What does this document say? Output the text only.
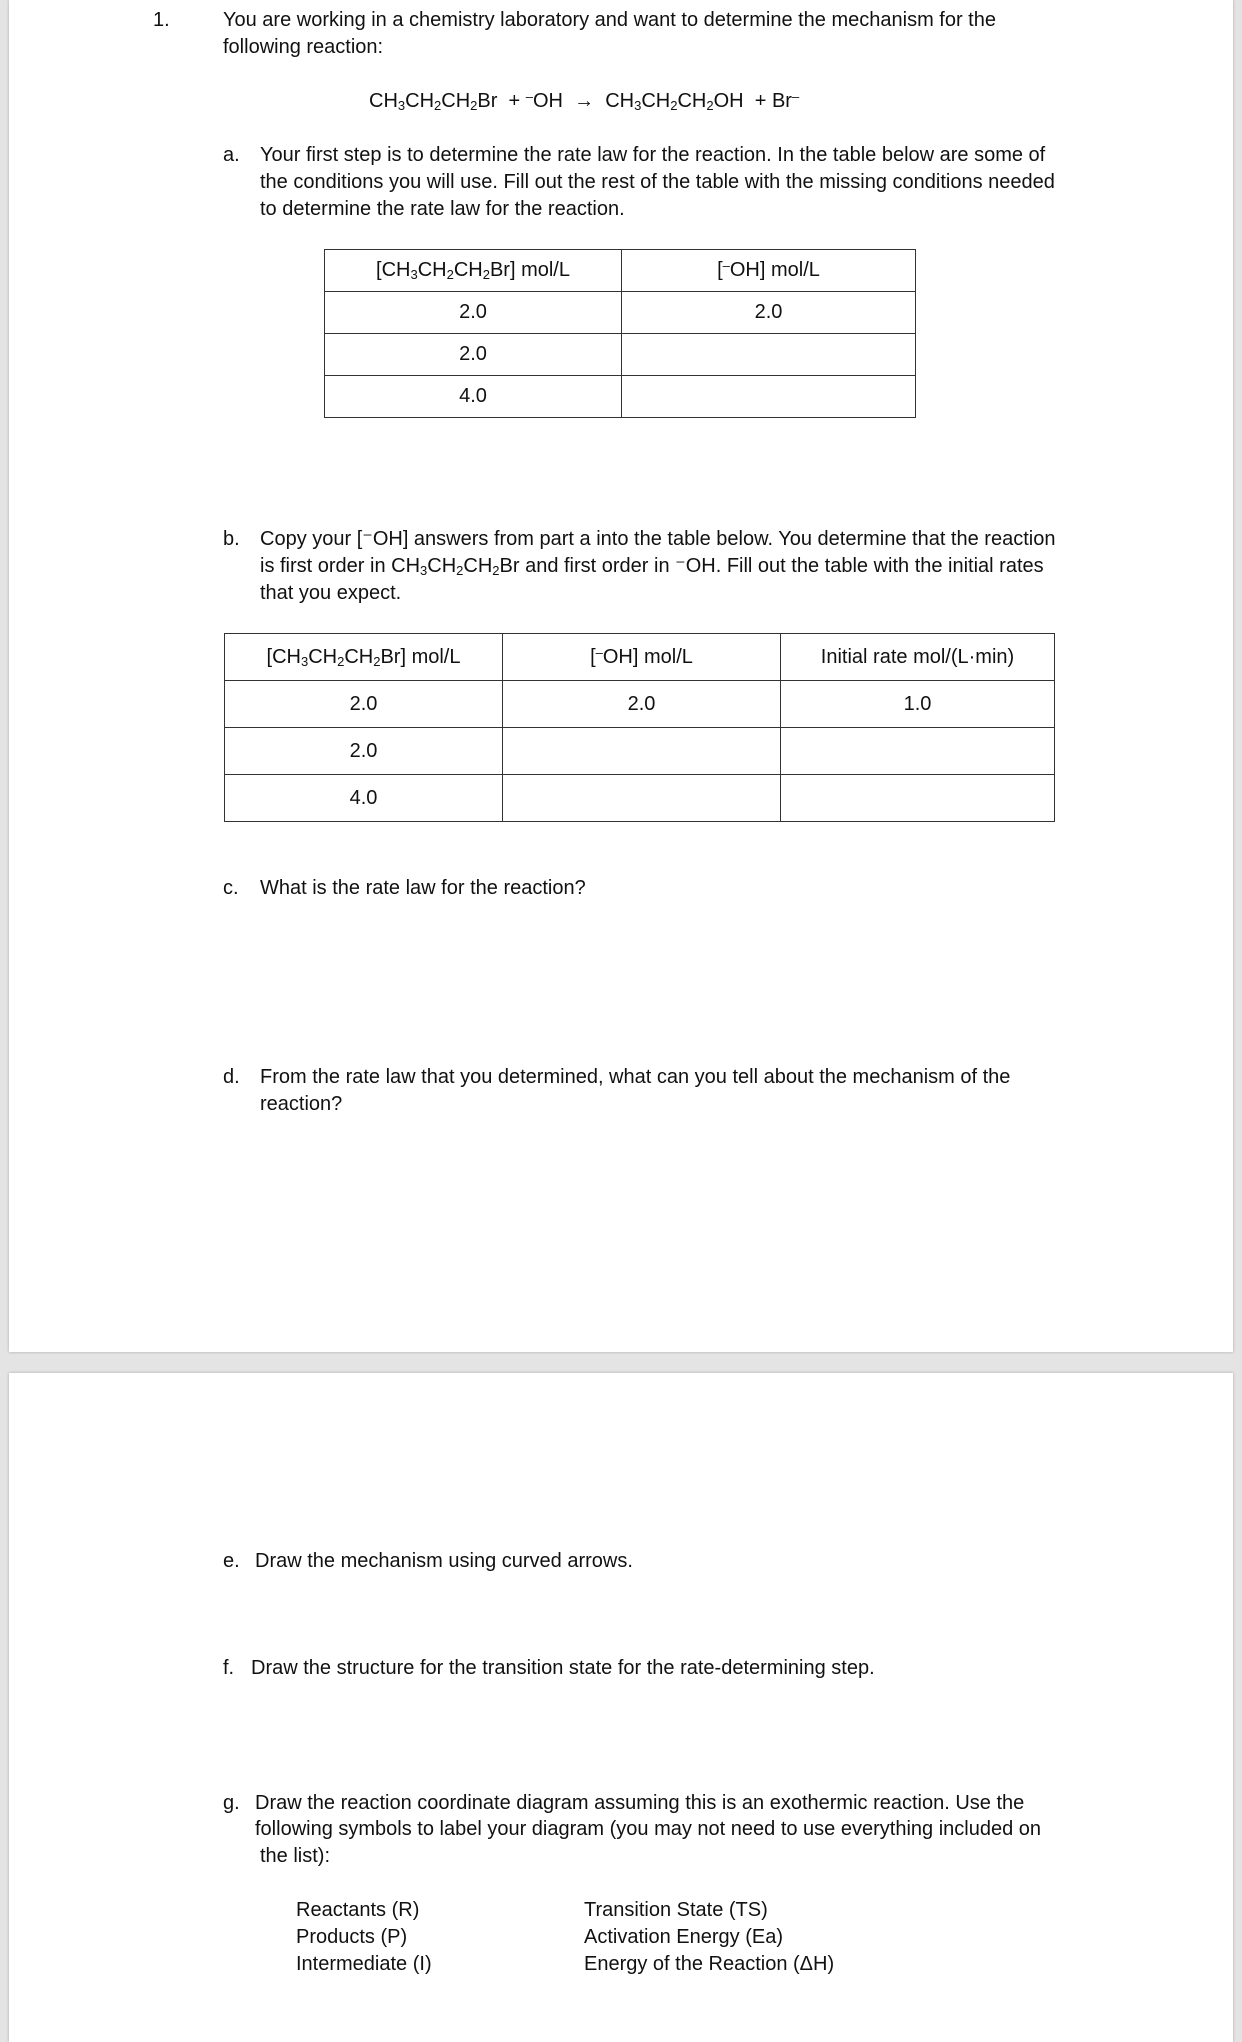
1.	You are working in a chemistry laboratory and want to determine the mechanism for the
following reaction:
$CH_3CH_2CH_2Br + ^-OH \to CH_3CH_2CH_2OH + Br^-$
a. Your first step is to determine the rate law for the reaction. In the table below are some of
the conditions you will use. Fill out the rest of the table with the missing conditions needed
to determine the rate law for the reaction.
$[CH_3CH_2CH_2Br]$ mol/L	[–OH] mol/L
2.0	2.0
2.0	
4.0	
b. Copy your [⁻OH] answers from part a into the table below. You determine that the reaction
is first order in $CH_3CH_2CH_2Br$ and first order in ⁻OH. Fill out the table with the initial rates
that you expect.
$[CH_3CH_2CH_2Br]$ mol/L	[–OH] mol/L	Initial rate mol/(L·min)
2.0	2.0	1.0
2.0		
4.0		
c. What is the rate law for the reaction?
d. From the rate law that you determined, what can you tell about the mechanism of the
reaction?
e. Draw the mechanism using curved arrows.
f. Draw the structure for the transition state for the rate-determining step.
g. Draw the reaction coordinate diagram assuming this is an exothermic reaction. Use the
following symbols to label your diagram (you may not need to use everything included on
the list):
Reactants (R)
Products (P)
Intermediate (I)
Transition State (TS)
Activation Energy (Ea)
Energy of the Reaction (ΔH)
